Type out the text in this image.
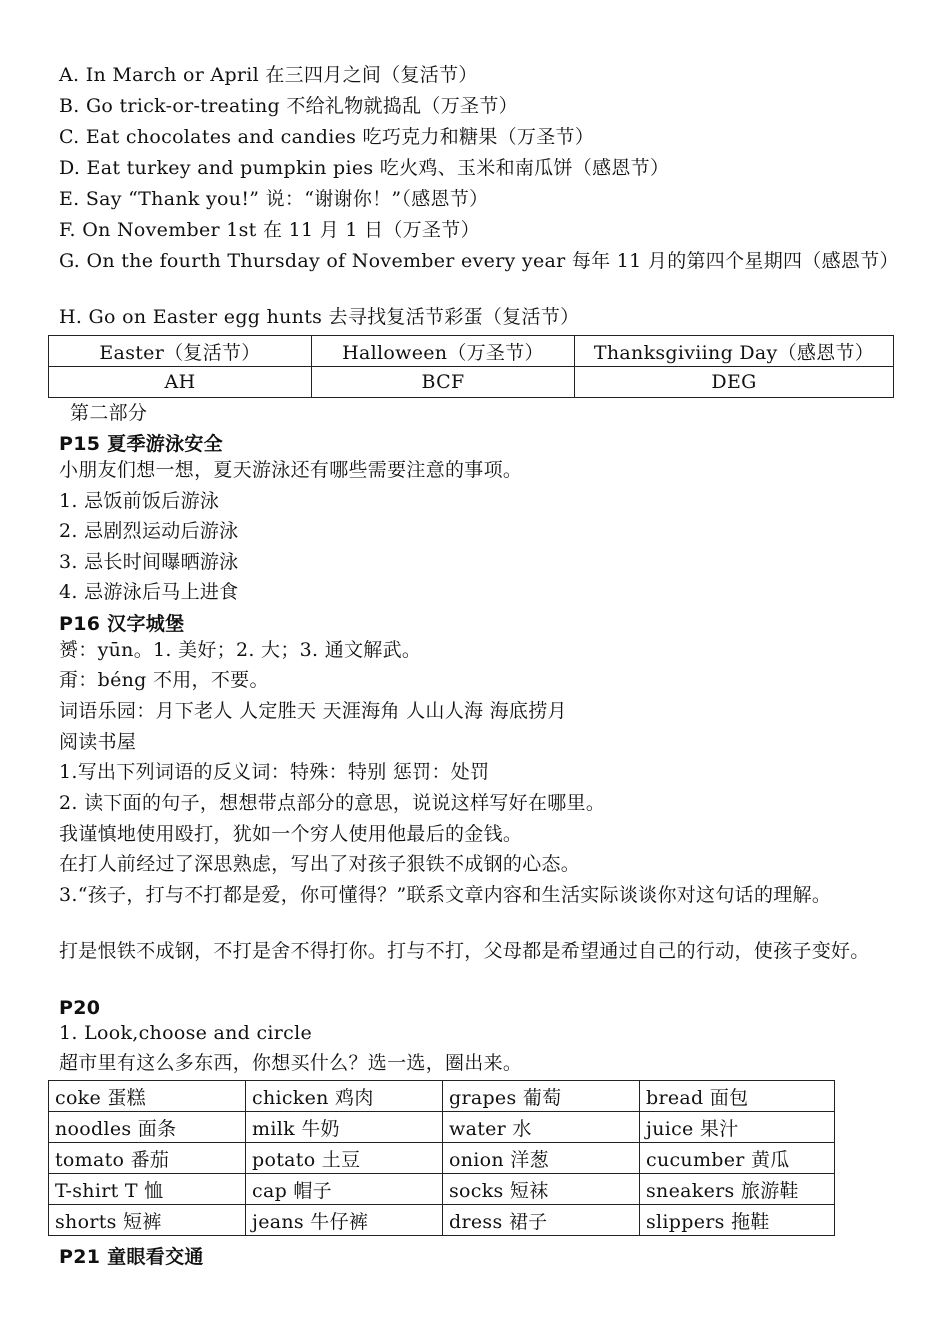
A. In March or April 在三四月之间（复活节）
B. Go trick-or-treating 不给礼物就捣乱（万圣节）
C. Eat chocolates and candies 吃巧克力和糖果（万圣节）
D. Eat turkey and pumpkin pies 吃火鸡、玉米和南瓜饼（感恩节）
E. Say “Thank you!” 说：“谢谢你！”（感恩节）
F. On November 1st 在 11 月 1 日（万圣节）
G. On the fourth Thursday of November every year 每年 11 月的第四个星期四（感恩节）
H. Go on Easter egg hunts 去寻找复活节彩蛋（复活节）
Easter（复活节）	Halloween（万圣节）	Thanksgiviing Day（感恩节）
AH	BCF	DEG
第二部分
P15 夏季游泳安全
小朋友们想一想，夏天游泳还有哪些需要注意的事项。
1. 忌饭前饭后游泳
2. 忌剧烈运动后游泳
3. 忌长时间曝晒游泳
4. 忌游泳后马上进食
P16 汉字城堡
赟：yūn。1. 美好；2. 大；3. 通文解武。
甭：béng 不用，不要。
词语乐园：月下老人 人定胜天 天涯海角 人山人海 海底捞月
阅读书屋
1.写出下列词语的反义词：特殊：特别 惩罚：处罚
2. 读下面的句子，想想带点部分的意思，说说这样写好在哪里。
我谨慎地使用殴打，犹如一个穷人使用他最后的金钱。
在打人前经过了深思熟虑，写出了对孩子狠铁不成钢的心态。
3.“孩子，打与不打都是爱，你可懂得？”联系文章内容和生活实际谈谈你对这句话的理解。
打是恨铁不成钢，不打是舍不得打你。打与不打，父母都是希望通过自己的行动，使孩子变好。
P20
1. Look,choose and circle
超市里有这么多东西，你想买什么？选一选，圈出来。
coke 蛋糕	chicken 鸡肉	grapes 葡萄	bread 面包
noodles 面条	milk 牛奶	water 水	juice 果汁
tomato 番茄	potato 土豆	onion 洋葱	cucumber 黄瓜
T-shirt T 恤	cap 帽子	socks 短袜	sneakers 旅游鞋
shorts 短裤	jeans 牛仔裤	dress 裙子	slippers 拖鞋
P21 童眼看交通
